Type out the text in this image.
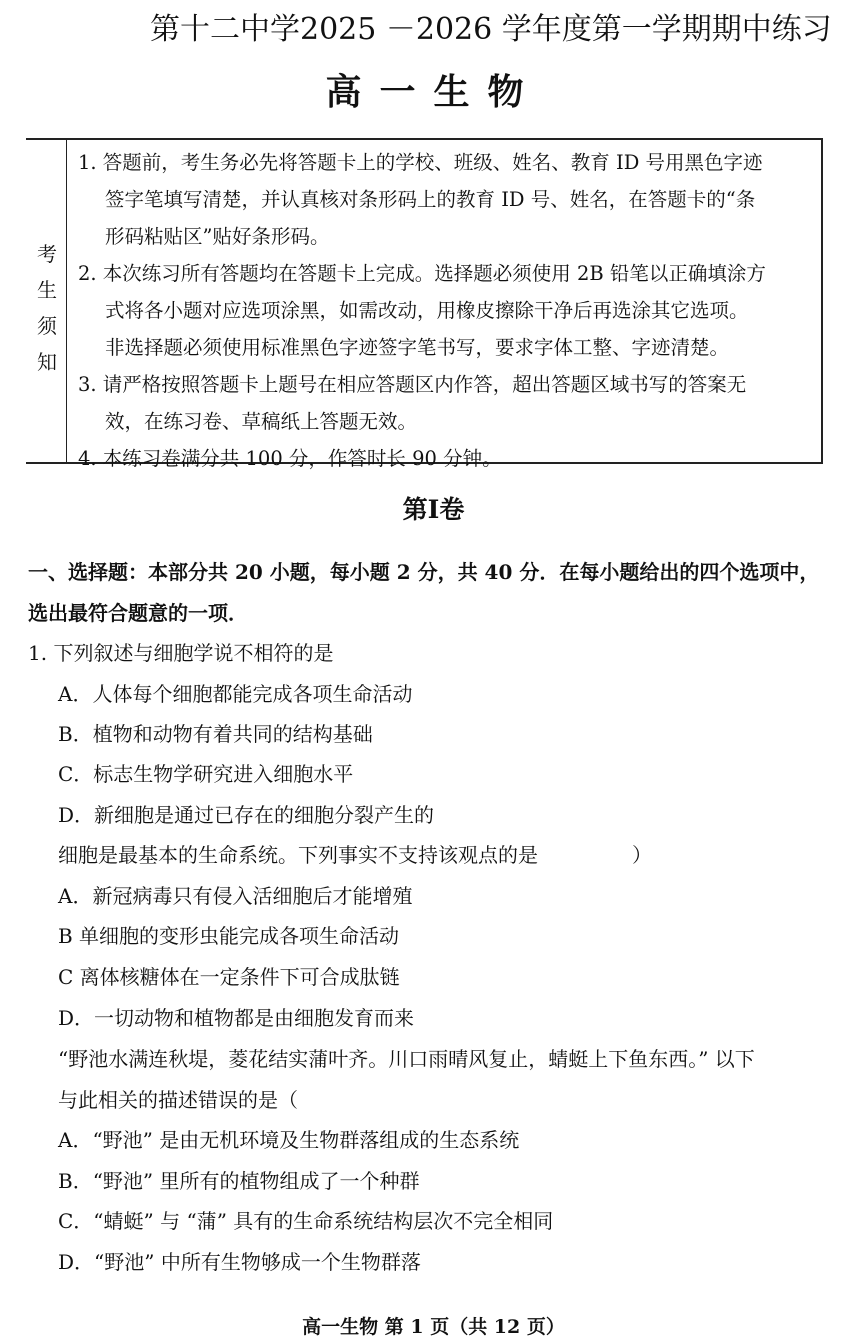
第十二中学2025 －2026 学年度第一学期期中练习
高一生物
考
生
须
知
1. 答题前，考生务必先将答题卡上的学校、班级、姓名、教育 ID 号用黑色字迹
签字笔填写清楚，并认真核对条形码上的教育 ID 号、姓名，在答题卡的“条
形码粘贴区”贴好条形码。
2. 本次练习所有答题均在答题卡上完成。选择题必须使用 2B 铅笔以正确填涂方
式将各小题对应选项涂黑，如需改动，用橡皮擦除干净后再选涂其它选项。
非选择题必须使用标准黑色字迹签字笔书写，要求字体工整、字迹清楚。
3. 请严格按照答题卡上题号在相应答题区内作答，超出答题区域书写的答案无
效，在练习卷、草稿纸上答题无效。
4. 本练习卷满分共 100 分，作答时长 90 分钟。
第Ⅰ卷
一、选择题：本部分共 20 小题，每小题 2 分，共 40 分．在每小题给出的四个选项中，
选出最符合题意的一项．
1. 下列叙述与细胞学说不相符的是
A．人体每个细胞都能完成各项生命活动
B．植物和动物有着共同的结构基础
C．标志生物学研究进入细胞水平
D．新细胞是通过已存在的细胞分裂产生的
细胞是最基本的生命系统。下列事实不支持该观点的是	）
A．新冠病毒只有侵入活细胞后才能增殖
B 单细胞的变形虫能完成各项生命活动
C 离体核糖体在一定条件下可合成肽链
D．一切动物和植物都是由细胞发育而来
“野池水满连秋堤，菱花结实蒲叶齐。川口雨晴风复止，蜻蜓上下鱼东西。” 以下
与此相关的描述错误的是（
A．“野池” 是由无机环境及生物群落组成的生态系统
B．“野池” 里所有的植物组成了一个种群
C．“蜻蜓” 与 “蒲” 具有的生命系统结构层次不完全相同
D．“野池” 中所有生物够成一个生物群落
高一生物 第 1 页（共 12 页）
